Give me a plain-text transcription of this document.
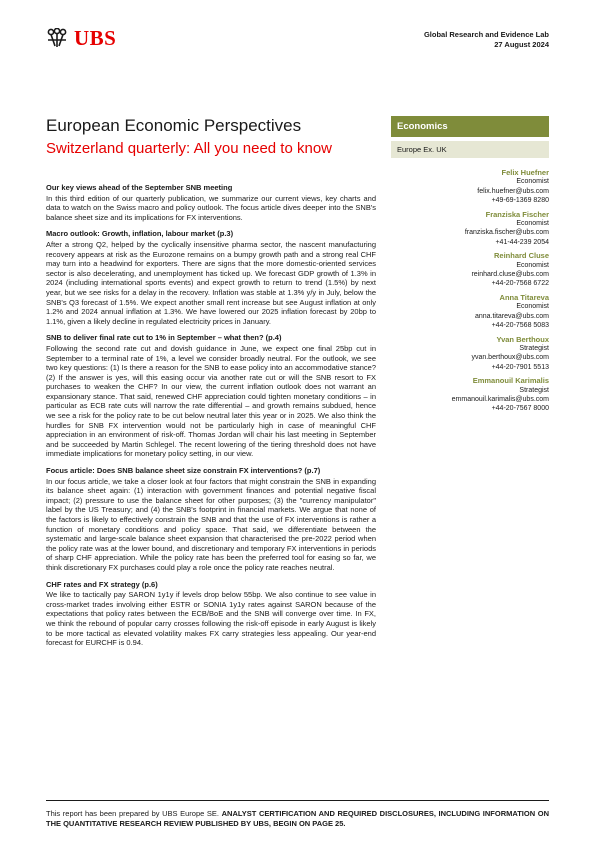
UBS	Global Research and Evidence Lab
27 August 2024
European Economic Perspectives
Switzerland quarterly: All you need to know
Economics
Europe Ex. UK
Felix Huefner
Economist
felix.huefner@ubs.com
+49-69-1369 8280
Franziska Fischer
Economist
franziska.fischer@ubs.com
+41-44-239 2054
Reinhard Cluse
Economist
reinhard.cluse@ubs.com
+44-20-7568 6722
Anna Titareva
Economist
anna.titareva@ubs.com
+44-20-7568 5083
Yvan Berthoux
Strategist
yvan.berthoux@ubs.com
+44-20-7901 5513
Emmanouil Karimalis
Strategist
emmanouil.karimalis@ubs.com
+44-20-7567 8000
Our key views ahead of the September SNB meeting
In this third edition of our quarterly publication, we summarize our current views, key charts and data to watch on the Swiss macro and policy outlook. The focus article dives deeper into the SNB's balance sheet size and its implications for FX interventions.
Macro outlook: Growth, inflation, labour market (p.3)
After a strong Q2, helped by the cyclically insensitive pharma sector, the nascent manufacturing recovery appears at risk as the Eurozone remains on a bumpy growth path and a strong real CHF may turn into a headwind for exporters. There are signs that the more domestic-oriented services sector is also decelerating, and unemployment has ticked up. We forecast GDP growth of 1.3% in 2024 (including international sports events) and expect growth to return to trend (1.5%) by next year, but we see risks for a delay in the recovery. Inflation was stable at 1.3% y/y in July, below the SNB's Q3 forecast of 1.5%. We expect another small rent increase but see August inflation at only 1.2% and 2024 annual inflation at 1.3%. We have lowered our 2025 inflation forecast by 20bp to 1.1%, given a likely decline in regulated electricity prices in January.
SNB to deliver final rate cut to 1% in September – what then? (p.4)
Following the second rate cut and dovish guidance in June, we expect one final 25bp cut in September to a terminal rate of 1%, a level we consider broadly neutral. For the outlook, we see two key questions: (1) Is there a reason for the SNB to ease policy into an accommodative stance? (2) If the answer is yes, will this easing occur via another rate cut or will the SNB resort to FX purchases to weaken the CHF? In our view, the current inflation outlook does not warrant an expansionary stance. That said, renewed CHF appreciation could tighten monetary conditions – in particular as ECB rate cuts will narrow the rate differential – and growth remains subdued, hence we see a risk for the policy rate to be cut below neutral later this year or in 2025. We also think the hurdles for SNB FX intervention would not be particularly high in case of meaningful CHF appreciation in an environment of risk-off. Thomas Jordan will chair his last meeting in September and be succeeded by Martin Schlegel. The recent lowering of the tiering threshold does not have immediate implications for monetary policy setting, in our view.
Focus article: Does SNB balance sheet size constrain FX interventions? (p.7)
In our focus article, we take a closer look at four factors that might constrain the SNB in expanding its balance sheet again: (1) interaction with government finances and potential negative fiscal impact; (2) pressure to use the balance sheet for other purposes; (3) the "currency manipulator" label by the US Treasury; and (4) the SNB's footprint in financial markets. We argue that none of the factors is likely to effectively constrain the SNB and that the use of FX interventions is rather a function of monetary conditions and policy space. That said, we differentiate between the systematic and large-scale balance sheet expansion that characterised the pre-2022 period when the policy rate was at the lower bound, and discretionary and temporary FX interventions in periods of sharp CHF appreciation. While the policy rate has been the preferred tool for easing so far, we think discretionary FX purchases could play a role once the policy rate reaches neutral.
CHF rates and FX strategy (p.6)
We like to tactically pay SARON 1y1y if levels drop below 55bp. We also continue to see value in cross-market trades involving either ESTR or SONIA 1y1y rates against SARON because of the expectations that policy rates between the ECB/BoE and the SNB will converge over time. In FX, we think the rebound of popular carry crosses following the risk-off episode in early August is likely to be more tactical as elevated volatility makes FX carry strategies less appealing. Our year-end forecast for EURCHF is 0.94.
This report has been prepared by UBS Europe SE. ANALYST CERTIFICATION AND REQUIRED DISCLOSURES, INCLUDING INFORMATION ON THE QUANTITATIVE RESEARCH REVIEW PUBLISHED BY UBS, BEGIN ON PAGE 25.
